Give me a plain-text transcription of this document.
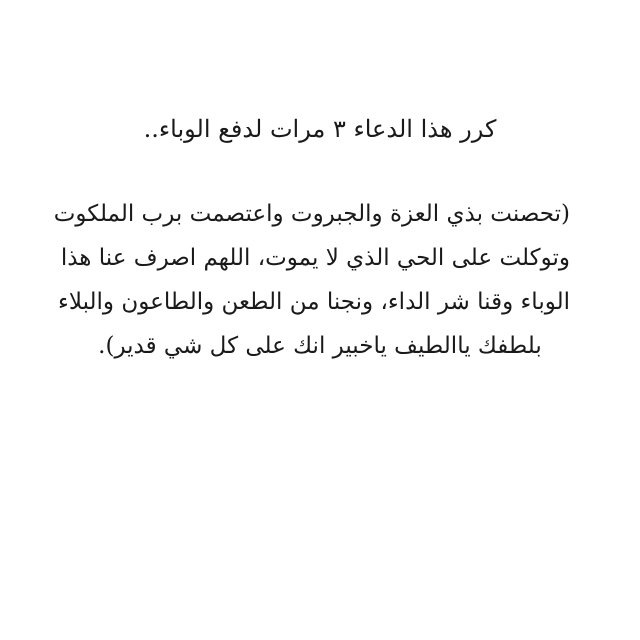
كرر هذا الدعاء ٣ مرات لدفع الوباء..
(تحصنت بذي العزة والجبروت واعتصمت برب الملكوت
وتوكلت على الحي الذي لا يموت، اللهم اصرف عنا هذا
الوباء وقنا شر الداء، ونجنا من الطعن والطاعون والبلاء
بلطفك ياالطيف ياخبير انك على كل شي قدير).
